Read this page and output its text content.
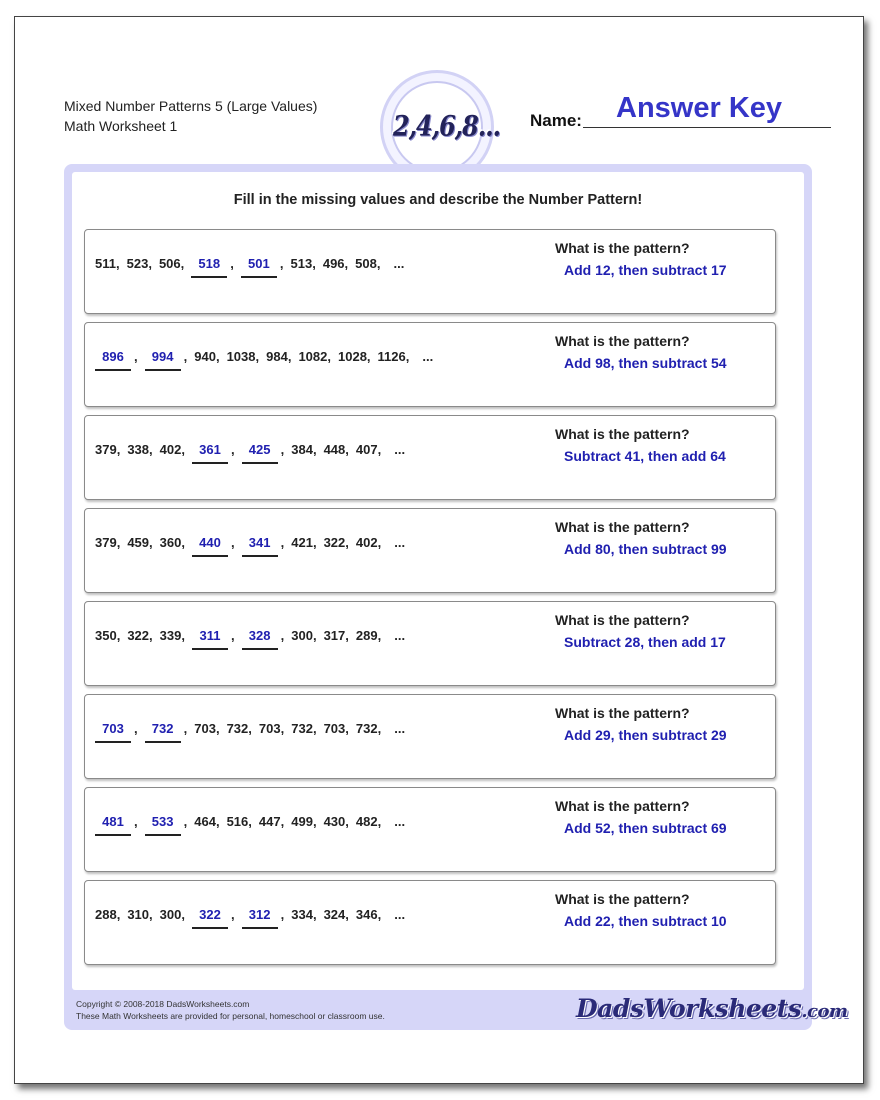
Mixed Number Patterns 5 (Large Values)
Math Worksheet 1	2,4,6,8... Name: Answer Key
Fill in the missing values and describe the Number Pattern!
511 , 523 , 506 ,	518 ,	501 , 513 , 496 , 508 , ...
What is the pattern?
Add 12, then subtract 17
896 ,	994 , 940 , 1038 , 984 , 1082 , 1028 , 1126 , ...
What is the pattern?
Add 98, then subtract 54
379 , 338 , 402 ,	361 ,	425 , 384 , 448 , 407 , ...
What is the pattern?
Subtract 41, then add 64
379 , 459 , 360 ,	440 ,	341 , 421 , 322 , 402 , ...
What is the pattern?
Add 80, then subtract 99
350 , 322 , 339 ,	311 ,	328 , 300 , 317 , 289 , ...
What is the pattern?
Subtract 28, then add 17
703 ,	732 , 703 , 732 , 703 , 732 , 703 , 732 , ...
What is the pattern?
Add 29, then subtract 29
481 ,	533 , 464 , 516 , 447 , 499 , 430 , 482 , ...
What is the pattern?
Add 52, then subtract 69
288 , 310 , 300 ,	322 ,	312 , 334 , 324 , 346 , ...
What is the pattern?
Add 22, then subtract 10
Copyright © 2008-2018 DadsWorksheets.com
These Math Worksheets are provided for personal, homeschool or classroom use.	DadsWorksheets.com
